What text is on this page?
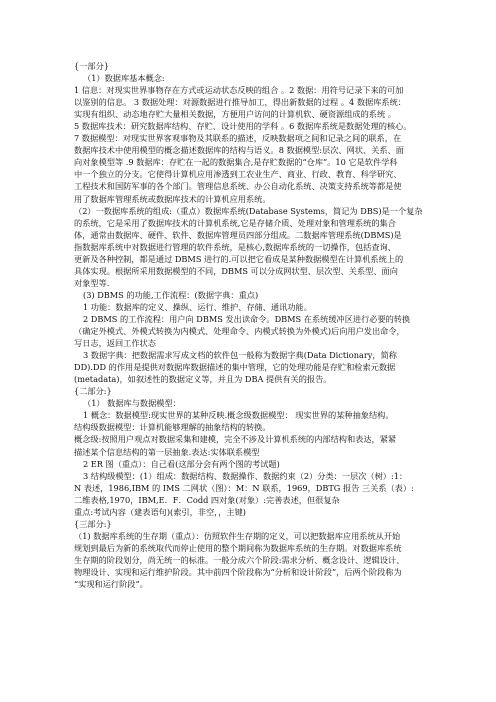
{一部分}
（1）数据库基本概念:
1 信息：对现实世界事物存在方式或运动状态反映的组合 。2 数据：用符号记录下来的可加
以鉴别的信息。 3 数据处理：对源数据进行推导加工，得出新数据的过程 。4 数据库系统：
实现有组织、动态地存贮大量相关数据，方便用户访问的计算机软、硬资源组成的系统 。
5 数据库技术：研究数据库结构、存贮、设计使用的学科 。6 数据库系统是数据处理的核心。
7 数据模型：对现实世界客观事物及其联系的描述，反映数据项之间和记录之间的联系，在
数据库技术中使用模型的概念描述数据库的结构与语义。8 数据模型:层次、网状、关系、面
向对象模型等 .9 数据库：存贮在一起的数据集合,是存贮数据的“仓库”。10 它是软件学科
中一个独立的分支。它使得计算机应用渗透到工农业生产、商业、行政、教育、科学研究、
工程技术和国防军事的各个部门。管理信息系统、办公自动化系统、决策支持系统等都是使
用了数据库管理系统或数据库技术的计算机应用系统。
（2）一数据库系统的组成:（重点）数据库系统(Database Systems，简记为 DBS)是一个复杂
的系统，它是采用了数据库技术的计算机系统,它是存储介质、处理对象和管理系统的集合
体，通常由数据库、硬件、软件、数据库管理员四部分组成。二数据库管理系统(DBMS)是
指数据库系统中对数据进行管理的软件系统，是核心,数据库系统的一切操作，包括查询、
更新及各种控制，都是通过 DBMS 进行的.可以把它看成是某种数据模型在计算机系统上的
具体实现。根据所采用数据模型的不同，DBMS 可以分成网状型、层次型、关系型、面向
对象型等.
(3) DBMS 的功能,工作流程：(数据字典：重点)
1 功能：数据库的定义、操纵、运行、维护、存储、通讯功能。
2 DBMS 的工作流程：用户向 DBMS 发出读命令。DBMS 在系统缓冲区进行必要的转换
（确定外模式、外模式转换为内模式、处理命令、内模式转换为外模式)后向用户发出命令，
写日志，返回工作状态
3 数据字典：把数据需求写成文档的软件包一般称为数据字典(Data Dictionary，简称
DD).DD 的作用是提供对数据库数据描述的集中管理，它的处理功能是存贮和检索元数据
(metadata)，如叙述性的数据定义等，并且为 DBA 提供有关的报告。
{二部分:}
（1） 数据库与数据模型：
1 概念：数据模型:现实世界的某种反映.概念级数据模型： 现实世界的某种抽象结构。
结构级数据模型：计算机能够理解的抽象结构的转换。
概念级:按照用户观点对数据采集和建模，完全不涉及计算机系统的内部结构和表达，紧紧
描述某个信息结构的第一层抽象.表达:实体联系模型
2 ER 图（重点）：自己看(这部分会有两个图的考试题)
3 结构级模型：(1）组成：数据结构、数据操作、数据约束（2）分类：一层次（树）:1：
N 表述，1986,IBM 的 IMS 二网状（图）：M：N 联系，1969，DBTG 报告 三关系（表）:
二维表格,1970，IBM,E．F．Codd 四对象(对象）:完善表述，但很复杂
重点:考试内容（建表语句)(索引，非空，，主键)
{三部分:}
（1) 数据库系统的生存期（重点）：仿照软件生存期的定义，可以把数据库应用系统从开始
规划到最后为新的系统取代而停止使用的整个期间称为数据库系统的生存期。对数据库系统
生存期的阶段划分，尚无统一的标准。一般分成六个阶段:需求分析、概念设计、逻辑设计、
物理设计、实现和运行维护阶段。其中前四个阶段称为“分析和设计阶段”，后两个阶段称为
“实现和运行阶段”。
